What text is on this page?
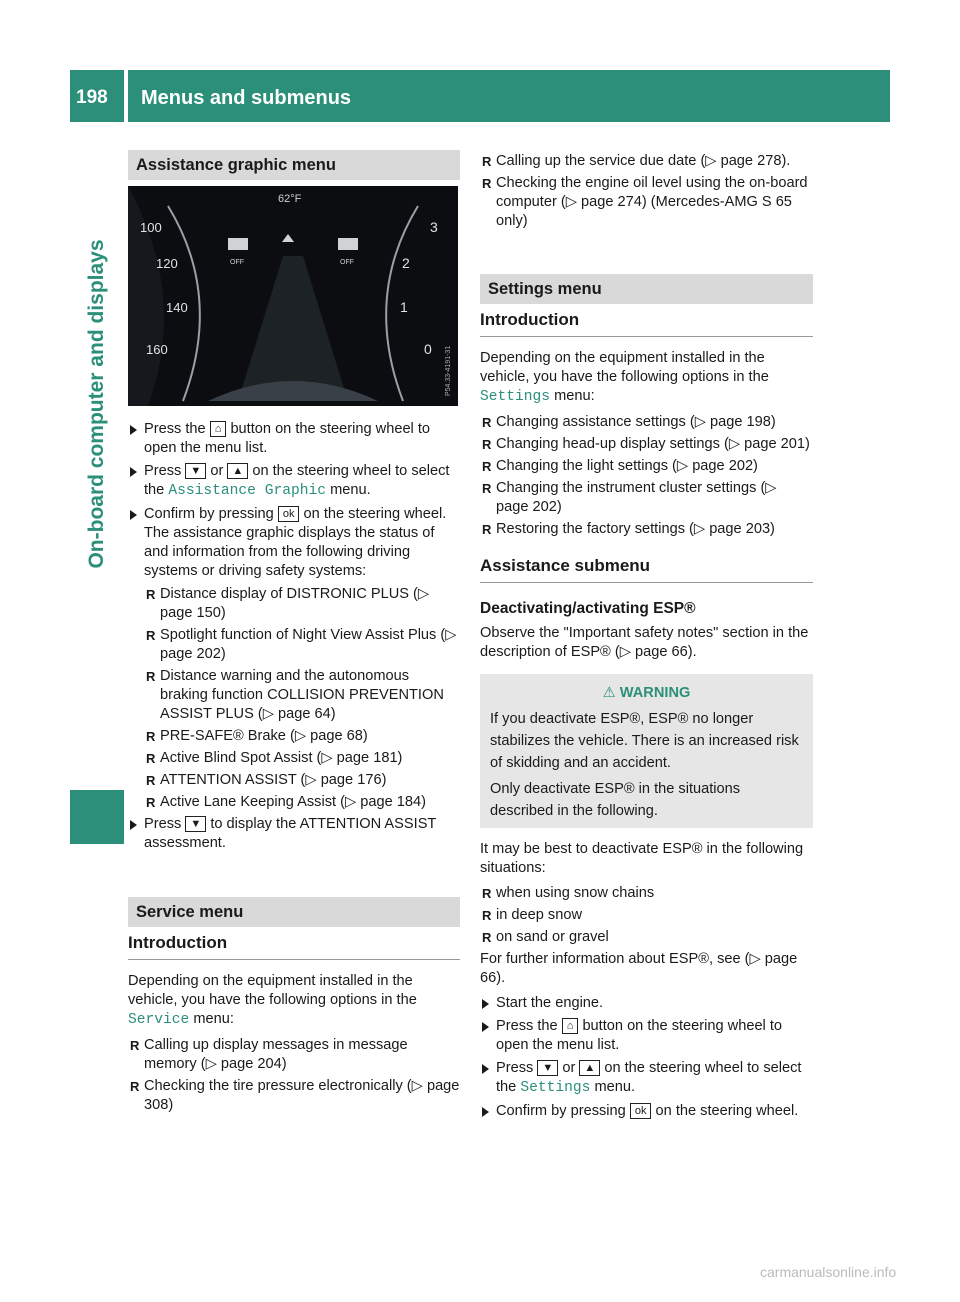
198	Menus and submenus
On-board computer and displays
Assistance graphic menu
100
120
140
160
3
2
1
0
62°F
OFF	OFF
P54.33-4191-31
Press the ⌂ button on the steering wheel to open the menu list.
Press ▼ or ▲ on the steering wheel to select the Assistance Graphic menu.
Confirm by pressing ok on the steering wheel.
The assistance graphic displays the status of and information from the following driving systems or driving safety systems:
R Distance display of DISTRONIC PLUS (▷ page 150)
R Spotlight function of Night View Assist Plus (▷ page 202)
R Distance warning and the autonomous braking function COLLISION PREVENTION ASSIST PLUS (▷ page 64)
R PRE-SAFE® Brake (▷ page 68)
R Active Blind Spot Assist (▷ page 181)
R ATTENTION ASSIST (▷ page 176)
R Active Lane Keeping Assist (▷ page 184)
Press ▼ to display the ATTENTION ASSIST assessment.
Service menu
Introduction
Depending on the equipment installed in the vehicle, you have the following options in the Service menu:
R Calling up display messages in message memory (▷ page 204)
R Checking the tire pressure electronically (▷ page 308)
R Calling up the service due date (▷ page 278).
R Checking the engine oil level using the on-board computer (▷ page 274) (Mercedes-AMG S 65 only)
Settings menu
Introduction
Depending on the equipment installed in the vehicle, you have the following options in the Settings menu:
R Changing assistance settings (▷ page 198)
R Changing head-up display settings (▷ page 201)
R Changing the light settings (▷ page 202)
R Changing the instrument cluster settings (▷ page 202)
R Restoring the factory settings (▷ page 203)
Assistance submenu
Deactivating/activating ESP®
Observe the "Important safety notes" section in the description of ESP® (▷ page 66).
⚠ WARNING
If you deactivate ESP®, ESP® no longer stabilizes the vehicle. There is an increased risk of skidding and an accident.
Only deactivate ESP® in the situations described in the following.
It may be best to deactivate ESP® in the following situations:
R when using snow chains
R in deep snow
R on sand or gravel
For further information about ESP®, see (▷ page 66).
Start the engine.
Press the ⌂ button on the steering wheel to open the menu list.
Press ▼ or ▲ on the steering wheel to select the Settings menu.
Confirm by pressing ok on the steering wheel.
carmanualsonline.info
